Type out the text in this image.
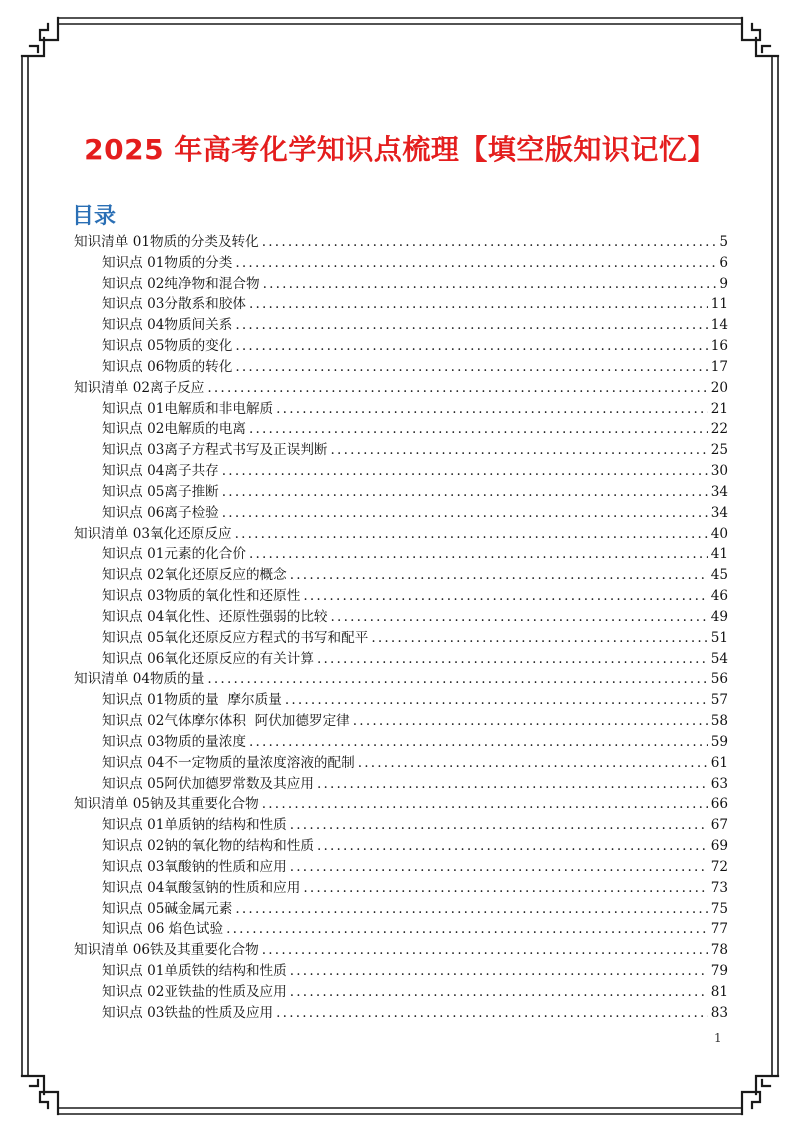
2025 年高考化学知识点梳理【填空版知识记忆】
目录
知识清单 01 物质的分类及转化 .....	5
知识点 01 物质的分类 .....	6
知识点 02 纯净物和混合物 .....	9
知识点 03 分散系和胶体 .....	11
知识点 04 物质间关系 .....	14
知识点 05 物质的变化 .....	16
知识点 06 物质的转化 .....	17
知识清单 02 离子反应 .....	20
知识点 01 电解质和非电解质 .....	21
知识点 02 电解质的电离 .....	22
知识点 03 离子方程式书写及正误判断 .....	25
知识点 04 离子共存 .....	30
知识点 05 离子推断 .....	34
知识点 06 离子检验 .....	34
知识清单 03 氧化还原反应 .....	40
知识点 01 元素的化合价 .....	41
知识点 02 氧化还原反应的概念 .....	45
知识点 03 物质的氧化性和还原性 .....	46
知识点 04 氧化性、还原性强弱的比较 .....	49
知识点 05 氧化还原反应方程式的书写和配平 .....	51
知识点 06 氧化还原反应的有关计算 .....	54
知识清单 04 物质的量 .....	56
知识点 01 物质的量  摩尔质量 .....	57
知识点 02 气体摩尔体积  阿伏加德罗定律 .....	58
知识点 03 物质的量浓度 .....	59
知识点 04 不一定物质的量浓度溶液的配制 .....	61
知识点 05 阿伏加德罗常数及其应用 .....	63
知识清单 05 钠及其重要化合物 .....	66
知识点 01 单质钠的结构和性质 .....	67
知识点 02 钠的氧化物的结构和性质 .....	69
知识点 03 氧酸钠的性质和应用 .....	72
知识点 04 氧酸氢钠的性质和应用 .....	73
知识点 05 碱金属元素 .....	75
知识点 06 焰色试验 .....	77
知识清单 06 铁及其重要化合物 .....	78
知识点 01 单质铁的结构和性质 .....	79
知识点 02 亚铁盐的性质及应用 .....	81
知识点 03 铁盐的性质及应用 .....	83
1
